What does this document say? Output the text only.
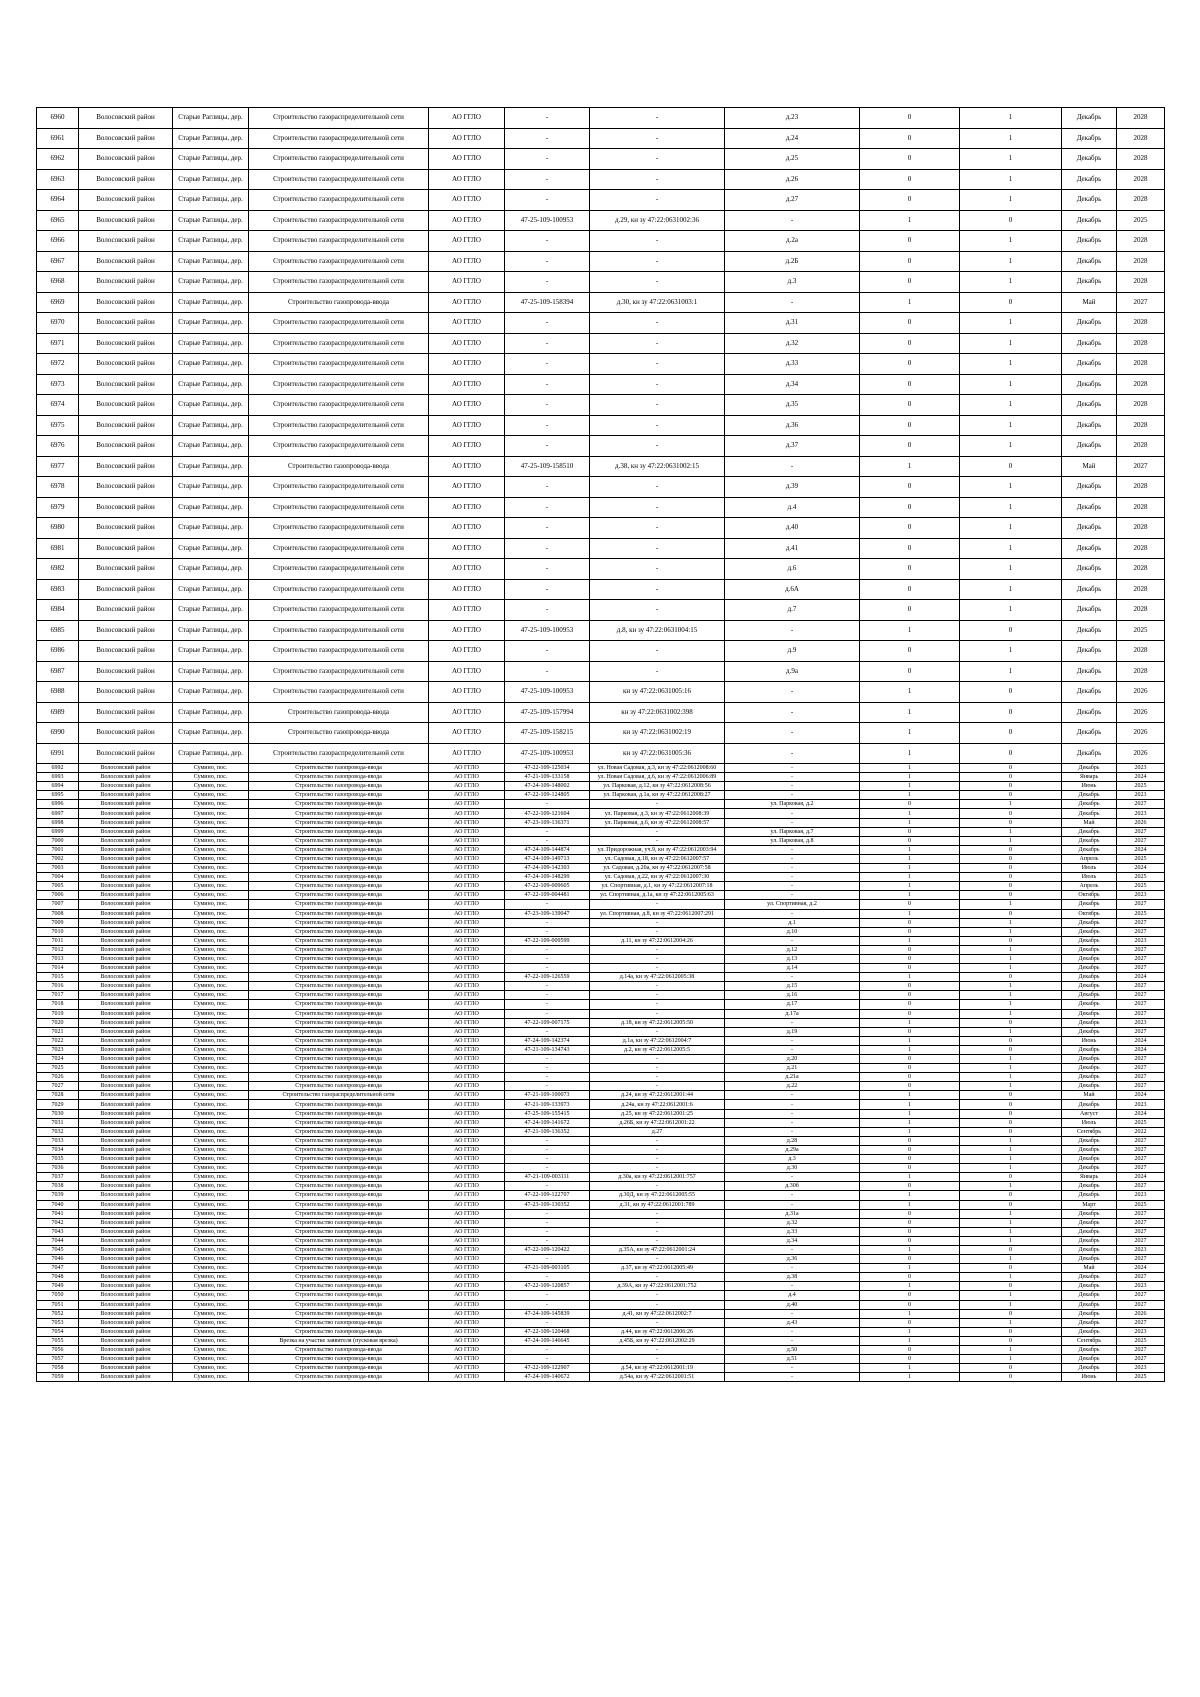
6960	Волосовский район	Старые Раглицы, дер.	Строительство газораспределительной сети	АО ГГЛО	-	-	д.23	0	1	Декабрь	2028
6961	Волосовский район	Старые Раглицы, дер.	Строительство газораспределительной сети	АО ГГЛО	-	-	д.24	0	1	Декабрь	2028
6962	Волосовский район	Старые Раглицы, дер.	Строительство газораспределительной сети	АО ГГЛО	-	-	д.25	0	1	Декабрь	2028
6963	Волосовский район	Старые Раглицы, дер.	Строительство газораспределительной сети	АО ГГЛО	-	-	д.26	0	1	Декабрь	2028
6964	Волосовский район	Старые Раглицы, дер.	Строительство газораспределительной сети	АО ГГЛО	-	-	д.27	0	1	Декабрь	2028
6965	Волосовский район	Старые Раглицы, дер.	Строительство газораспределительной сети	АО ГГЛО	47-25-109-100953	д.29, кн зу 47:22:0631002:36	-	1	0	Декабрь	2025
6966	Волосовский район	Старые Раглицы, дер.	Строительство газораспределительной сети	АО ГГЛО	-	-	д.2а	0	1	Декабрь	2028
6967	Волосовский район	Старые Раглицы, дер.	Строительство газораспределительной сети	АО ГГЛО	-	-	д.2Б	0	1	Декабрь	2028
6968	Волосовский район	Старые Раглицы, дер.	Строительство газораспределительной сети	АО ГГЛО	-	-	д.3	0	1	Декабрь	2028
6969	Волосовский район	Старые Раглицы, дер.	Строительство газопровода-ввода	АО ГГЛО	47-25-109-158394	д.30, кн зу 47:22:0631003:1	-	1	0	Май	2027
6970	Волосовский район	Старые Раглицы, дер.	Строительство газораспределительной сети	АО ГГЛО	-	-	д.31	0	1	Декабрь	2028
6971	Волосовский район	Старые Раглицы, дер.	Строительство газораспределительной сети	АО ГГЛО	-	-	д.32	0	1	Декабрь	2028
6972	Волосовский район	Старые Раглицы, дер.	Строительство газораспределительной сети	АО ГГЛО	-	-	д.33	0	1	Декабрь	2028
6973	Волосовский район	Старые Раглицы, дер.	Строительство газораспределительной сети	АО ГГЛО	-	-	д.34	0	1	Декабрь	2028
6974	Волосовский район	Старые Раглицы, дер.	Строительство газораспределительной сети	АО ГГЛО	-	-	д.35	0	1	Декабрь	2028
6975	Волосовский район	Старые Раглицы, дер.	Строительство газораспределительной сети	АО ГГЛО	-	-	д.36	0	1	Декабрь	2028
6976	Волосовский район	Старые Раглицы, дер.	Строительство газораспределительной сети	АО ГГЛО	-	-	д.37	0	1	Декабрь	2028
6977	Волосовский район	Старые Раглицы, дер.	Строительство газопровода-ввода	АО ГГЛО	47-25-109-158510	д.38, кн зу 47:22:0631002:15	-	1	0	Май	2027
6978	Волосовский район	Старые Раглицы, дер.	Строительство газораспределительной сети	АО ГГЛО	-	-	д.39	0	1	Декабрь	2028
6979	Волосовский район	Старые Раглицы, дер.	Строительство газораспределительной сети	АО ГГЛО	-	-	д.4	0	1	Декабрь	2028
6980	Волосовский район	Старые Раглицы, дер.	Строительство газораспределительной сети	АО ГГЛО	-	-	д.40	0	1	Декабрь	2028
6981	Волосовский район	Старые Раглицы, дер.	Строительство газораспределительной сети	АО ГГЛО	-	-	д.41	0	1	Декабрь	2028
6982	Волосовский район	Старые Раглицы, дер.	Строительство газораспределительной сети	АО ГГЛО	-	-	д.6	0	1	Декабрь	2028
6983	Волосовский район	Старые Раглицы, дер.	Строительство газораспределительной сети	АО ГГЛО	-	-	д.6А	0	1	Декабрь	2028
6984	Волосовский район	Старые Раглицы, дер.	Строительство газораспределительной сети	АО ГГЛО	-	-	д.7	0	1	Декабрь	2028
6985	Волосовский район	Старые Раглицы, дер.	Строительство газораспределительной сети	АО ГГЛО	47-25-109-100953	д.8, кн зу 47:22:0631004:15	-	1	0	Декабрь	2025
6986	Волосовский район	Старые Раглицы, дер.	Строительство газораспределительной сети	АО ГГЛО	-	-	д.9	0	1	Декабрь	2028
6987	Волосовский район	Старые Раглицы, дер.	Строительство газораспределительной сети	АО ГГЛО	-	-	д.9а	0	1	Декабрь	2028
6988	Волосовский район	Старые Раглицы, дер.	Строительство газораспределительной сети	АО ГГЛО	47-25-109-100953	кн зу 47:22:0631005:16	-	1	0	Декабрь	2026
6989	Волосовский район	Старые Раглицы, дер.	Строительство газопровода-ввода	АО ГГЛО	47-25-109-157994	кн зу 47:22:0631002:398	-	1	0	Декабрь	2026
6990	Волосовский район	Старые Раглицы, дер.	Строительство газопровода-ввода	АО ГГЛО	47-25-109-158215	кн зу 47:22:0631002:19	-	1	0	Декабрь	2026
6991	Волосовский район	Старые Раглицы, дер.	Строительство газораспределительной сети	АО ГГЛО	47-25-109-100953	кн зу 47:22:0631005:36	-	1	0	Декабрь	2026
6992	Волосовский район	Сумино, пос.	Строительство газопровода-ввода	АО ГГЛО	47-22-109-125034	ул. Новая Садовая, д.3, кн зу 47:22:0612008:60	-	1	0	Декабрь	2023
6993	Волосовский район	Сумино, пос.	Строительство газопровода-ввода	АО ГГЛО	47-21-109-133158	ул. Новая Садовая, д.6, кн зу 47:22:0612006:89	-	1	0	Январь	2024
6994	Волосовский район	Сумино, пос.	Строительство газопровода-ввода	АО ГГЛО	47-24-109-148002	ул. Парковая, д.12, кн зу 47:22:0612008:56	-	1	0	Июнь	2025
6995	Волосовский район	Сумино, пос.	Строительство газопровода-ввода	АО ГГЛО	47-22-109-124805	ул. Парковая, д.1а, кн зу 47:22:0612008:27	-	1	0	Декабрь	2023
6996	Волосовский район	Сумино, пос.	Строительство газопровода-ввода	АО ГГЛО	-	-	ул. Парковая, д.2	0	1	Декабрь	2027
6997	Волосовский район	Сумино, пос.	Строительство газопровода-ввода	АО ГГЛО	47-22-109-121604	ул. Парковая, д.3, кн зу 47:22:0612008:39	-	1	0	Декабрь	2023
6998	Волосовский район	Сумино, пос.	Строительство газопровода-ввода	АО ГГЛО	47-23-109-136371	ул. Парковая, д.6, кн зу 47:22:0612008:57	-	1	0	Май	2026
6999	Волосовский район	Сумино, пос.	Строительство газопровода-ввода	АО ГГЛО	-	-	ул. Парковая, д.7	0	1	Декабрь	2027
7000	Волосовский район	Сумино, пос.	Строительство газопровода-ввода	АО ГГЛО	-	-	ул. Парковая, д.8	0	1	Декабрь	2027
7001	Волосовский район	Сумино, пос.	Строительство газопровода-ввода	АО ГГЛО	47-24-109-144874	ул. Придорожная, уч.9, кн зу 47:22:0612003:94	-	1	0	Декабрь	2024
7002	Волосовский район	Сумино, пос.	Строительство газопровода-ввода	АО ГГЛО	47-24-109-149713	ул. Садовая, д.18, кн зу 47:22:0612007:57	-	1	0	Апрель	2025
7003	Волосовский район	Сумино, пос.	Строительство газопровода-ввода	АО ГГЛО	47-24-109-142303	ул. Садовая, д.20а, кн зу 47:22:0612007:58	-	1	0	Июль	2024
7004	Волосовский район	Сумино, пос.	Строительство газопровода-ввода	АО ГГЛО	47-24-109-148299	ул. Садовая, д.22, кн зу 47:22:0612007:30	-	1	0	Июль	2025
7005	Волосовский район	Сумино, пос.	Строительство газопровода-ввода	АО ГГЛО	47-22-109-009605	ул. Спортивная, д.1, кн зу 47:22:0612007:18	-	1	0	Апрель	2025
7006	Волосовский район	Сумино, пос.	Строительство газопровода-ввода	АО ГГЛО	47-22-109-004481	ул. Спортивная, д.1а, кн зу 47:22:0612005:63	-	1	0	Октябрь	2023
7007	Волосовский район	Сумино, пос.	Строительство газопровода-ввода	АО ГГЛО	-	-	ул. Спортивная, д.2	0	1	Декабрь	2027
7008	Волосовский район	Сумино, пос.	Строительство газопровода-ввода	АО ГГЛО	47-23-109-139047	ул. Спортивная, д.8, кн зу 47:22:0612007:291	-	1	0	Октябрь	2025
7009	Волосовский район	Сумино, пос.	Строительство газопровода-ввода	АО ГГЛО	-	-	д.1	0	1	Декабрь	2027
7010	Волосовский район	Сумино, пос.	Строительство газопровода-ввода	АО ГГЛО	-	-	д.10	0	1	Декабрь	2027
7011	Волосовский район	Сумино, пос.	Строительство газопровода-ввода	АО ГГЛО	47-22-109-009599	д.11, кн зу 47:22:0612004:26	-	1	0	Декабрь	2023
7012	Волосовский район	Сумино, пос.	Строительство газопровода-ввода	АО ГГЛО	-	-	д.12	0	1	Декабрь	2027
7013	Волосовский район	Сумино, пос.	Строительство газопровода-ввода	АО ГГЛО	-	-	д.13	0	1	Декабрь	2027
7014	Волосовский район	Сумино, пос.	Строительство газопровода-ввода	АО ГГЛО	-	-	д.14	0	1	Декабрь	2027
7015	Волосовский район	Сумино, пос.	Строительство газопровода-ввода	АО ГГЛО	47-22-109-126559	д.14а, кн зу 47:22:0612005:38	-	1	0	Декабрь	2024
7016	Волосовский район	Сумино, пос.	Строительство газопровода-ввода	АО ГГЛО	-	-	д.15	0	1	Декабрь	2027
7017	Волосовский район	Сумино, пос.	Строительство газопровода-ввода	АО ГГЛО	-	-	д.16	0	1	Декабрь	2027
7018	Волосовский район	Сумино, пос.	Строительство газопровода-ввода	АО ГГЛО	-	-	д.17	0	1	Декабрь	2027
7019	Волосовский район	Сумино, пос.	Строительство газопровода-ввода	АО ГГЛО	-	-	д.17а	0	1	Декабрь	2027
7020	Волосовский район	Сумино, пос.	Строительство газопровода-ввода	АО ГГЛО	47-22-109-007175	д.18, кн зу 47:22:0612005:50	-	1	0	Декабрь	2023
7021	Волосовский район	Сумино, пос.	Строительство газопровода-ввода	АО ГГЛО	-	-	д.19	0	1	Декабрь	2027
7022	Волосовский район	Сумино, пос.	Строительство газопровода-ввода	АО ГГЛО	47-24-109-142374	д.1а, кн зу 47:22:0612004:7	-	1	0	Июнь	2024
7023	Волосовский район	Сумино, пос.	Строительство газопровода-ввода	АО ГГЛО	47-21-109-134743	д.2, кн зу 47:22:0612005:5	-	1	0	Декабрь	2024
7024	Волосовский район	Сумино, пос.	Строительство газопровода-ввода	АО ГГЛО	-	-	д.20	0	1	Декабрь	2027
7025	Волосовский район	Сумино, пос.	Строительство газопровода-ввода	АО ГГЛО	-	-	д.21	0	1	Декабрь	2027
7026	Волосовский район	Сумино, пос.	Строительство газопровода-ввода	АО ГГЛО	-	-	д.21а	0	1	Декабрь	2027
7027	Волосовский район	Сумино, пос.	Строительство газопровода-ввода	АО ГГЛО	-	-	д.22	0	1	Декабрь	2027
7028	Волосовский район	Сумино, пос.	Строительство газораспределительной сети	АО ГГЛО	47-21-109-100073	д.24, кн зу 47:22:0612001:44	-	1	0	Май	2024
7029	Волосовский район	Сумино, пос.	Строительство газопровода-ввода	АО ГГЛО	47-21-109-133973	д.24а, кн зу 47:22:0612001:6	-	1	0	Декабрь	2023
7030	Волосовский район	Сумино, пос.	Строительство газопровода-ввода	АО ГГЛО	47-25-109-155415	д.25, кн зу 47:22:0612001:25	-	1	0	Август	2024
7031	Волосовский район	Сумино, пос.	Строительство газопровода-ввода	АО ГГЛО	47-24-109-141672	д.26Б, кн зу 47:22:0612001:22	-	1	0	Июль	2025
7032	Волосовский район	Сумино, пос.	Строительство газопровода-ввода	АО ГГЛО	47-21-109-136352	д.27	-	1	0	Сентябрь	2022
7033	Волосовский район	Сумино, пос.	Строительство газопровода-ввода	АО ГГЛО	-	-	д.28	0	1	Декабрь	2027
7034	Волосовский район	Сумино, пос.	Строительство газопровода-ввода	АО ГГЛО	-	-	д.29а	0	1	Декабрь	2027
7035	Волосовский район	Сумино, пос.	Строительство газопровода-ввода	АО ГГЛО	-	-	д.3	0	1	Декабрь	2027
7036	Волосовский район	Сумино, пос.	Строительство газопровода-ввода	АО ГГЛО	-	-	д.30	0	1	Декабрь	2027
7037	Волосовский район	Сумино, пос.	Строительство газопровода-ввода	АО ГГЛО	47-21-109-003111	д.30а, кн зу 47:22:0612001:757	-	1	0	Январь	2024
7038	Волосовский район	Сумино, пос.	Строительство газопровода-ввода	АО ГГЛО	-	-	д.30б	0	1	Декабрь	2027
7039	Волосовский район	Сумино, пос.	Строительство газопровода-ввода	АО ГГЛО	47-22-109-122707	д.30Д, кн зу 47:22:0612005:55	-	1	0	Декабрь	2023
7040	Волосовский район	Сумино, пос.	Строительство газопровода-ввода	АО ГГЛО	47-23-109-130352	д.31, кн зу 47:22:0612001:789	-	1	0	Март	2025
7041	Волосовский район	Сумино, пос.	Строительство газопровода-ввода	АО ГГЛО	-	-	д.31а	0	1	Декабрь	2027
7042	Волосовский район	Сумино, пос.	Строительство газопровода-ввода	АО ГГЛО	-	-	д.32	0	1	Декабрь	2027
7043	Волосовский район	Сумино, пос.	Строительство газопровода-ввода	АО ГГЛО	-	-	д.33	0	1	Декабрь	2027
7044	Волосовский район	Сумино, пос.	Строительство газопровода-ввода	АО ГГЛО	-	-	д.34	0	1	Декабрь	2027
7045	Волосовский район	Сумино, пос.	Строительство газопровода-ввода	АО ГГЛО	47-22-109-120422	д.35А, кн зу 47:22:0612001:24	-	1	0	Декабрь	2023
7046	Волосовский район	Сумино, пос.	Строительство газопровода-ввода	АО ГГЛО	-	-	д.36	0	1	Декабрь	2027
7047	Волосовский район	Сумино, пос.	Строительство газопровода-ввода	АО ГГЛО	47-21-109-003105	д.37, кн зу 47:22:0612005:49	-	1	0	Май	2024
7048	Волосовский район	Сумино, пос.	Строительство газопровода-ввода	АО ГГЛО	-	-	д.38	0	1	Декабрь	2027
7049	Волосовский район	Сумино, пос.	Строительство газопровода-ввода	АО ГГЛО	47-22-109-120857	д.39А, кн зу 47:22:0612001:752	-	1	0	Декабрь	2023
7050	Волосовский район	Сумино, пос.	Строительство газопровода-ввода	АО ГГЛО	-	-	д.4	0	1	Декабрь	2027
7051	Волосовский район	Сумино, пос.	Строительство газопровода-ввода	АО ГГЛО	-	-	д.40	0	1	Декабрь	2027
7052	Волосовский район	Сумино, пос.	Строительство газопровода-ввода	АО ГГЛО	47-24-109-145839	д.41, кн зу 47:22:0612002:7	-	1	0	Декабрь	2026
7053	Волосовский район	Сумино, пос.	Строительство газопровода-ввода	АО ГГЛО	-	-	д.43	0	1	Декабрь	2027
7054	Волосовский район	Сумино, пос.	Строительство газопровода-ввода	АО ГГЛО	47-22-109-120468	д.44, кн зу 47:22:0612006:26	-	1	0	Декабрь	2023
7055	Волосовский район	Сумино, пос.	Врезка на участке заявителя (пусковая врезка)	АО ГГЛО	47-24-109-146645	д.45Б, кн зу 47:22:0612002:29	-	1	0	Сентябрь	2025
7056	Волосовский район	Сумино, пос.	Строительство газопровода-ввода	АО ГГЛО	-	-	д.50	0	1	Декабрь	2027
7057	Волосовский район	Сумино, пос.	Строительство газопровода-ввода	АО ГГЛО	-	-	д.51	0	1	Декабрь	2027
7058	Волосовский район	Сумино, пос.	Строительство газопровода-ввода	АО ГГЛО	47-22-109-122907	д.54, кн зу 47:22:0612001:19	-	1	0	Декабрь	2023
7059	Волосовский район	Сумино, пос.	Строительство газопровода-ввода	АО ГГЛО	47-24-109-140672	д.54а, кн зу 47:22:0612001:51	-	1	0	Июнь	2025
